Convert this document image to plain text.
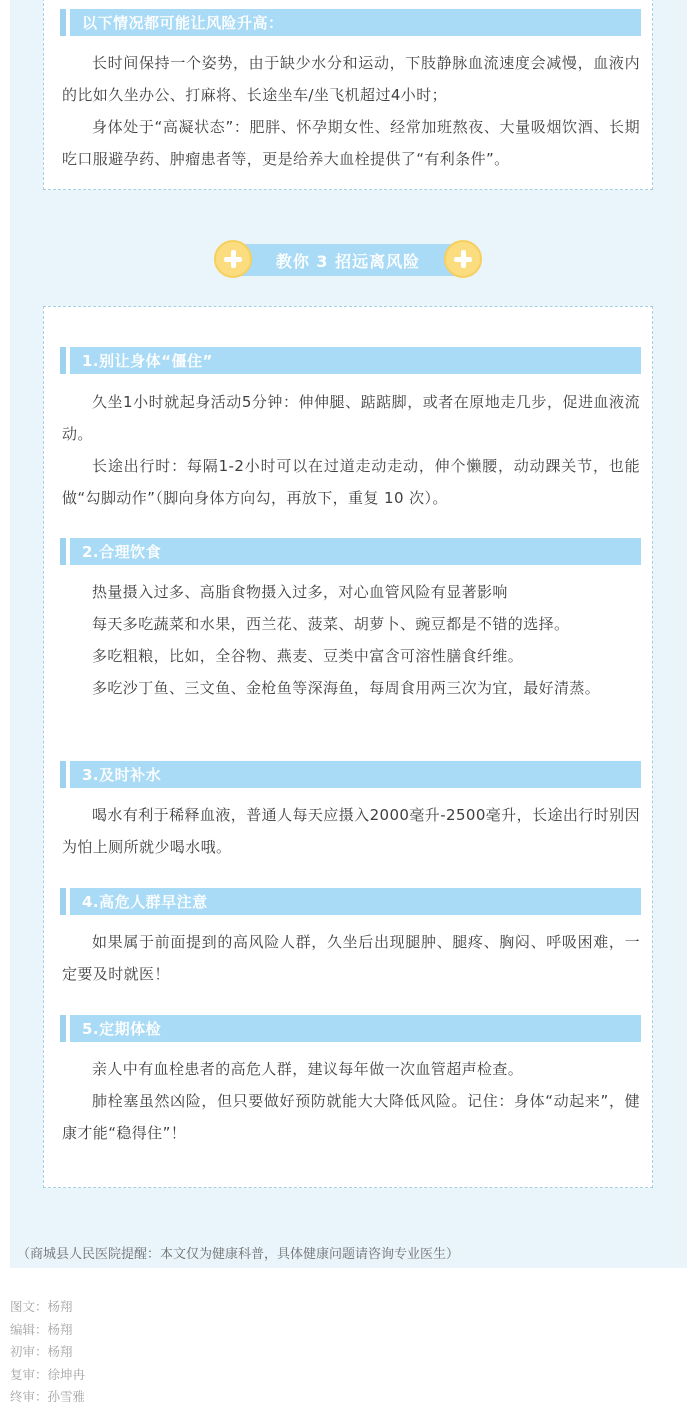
以下情况都可能让风险升高：

长时间保持一个姿势，由于缺少水分和运动，下肢静脉血流速度会减慢，血液内的比如久坐办公、打麻将、长途坐车/坐飞机超过4小时；

身体处于“高凝状态”：肥胖、怀孕期女性、经常加班熬夜、大量吸烟饮酒、长期吃口服避孕药、肿瘤患者等，更是给养大血栓提供了“有利条件”。

教你 3 招远离风险
1.别让身体“僵住”

久坐1小时就起身活动5分钟：伸伸腿、踮踮脚，或者在原地走几步，促进血液流动。

长途出行时：每隔1-2小时可以在过道走动走动，伸个懒腰，动动踝关节，也能做“勾脚动作”（脚向身体方向勾，再放下，重复 10 次）。

2.合理饮食

热量摄入过多、高脂食物摄入过多，对心血管风险有显著影响

每天多吃蔬菜和水果，西兰花、菠菜、胡萝卜、豌豆都是不错的选择。

多吃粗粮，比如，全谷物、燕麦、豆类中富含可溶性膳食纤维。

多吃沙丁鱼、三文鱼、金枪鱼等深海鱼，每周食用两三次为宜，最好清蒸。

3.及时补水

喝水有利于稀释血液，普通人每天应摄入2000毫升-2500毫升，长途出行时别因为怕上厕所就少喝水哦。

4.高危人群早注意

如果属于前面提到的高风险人群，久坐后出现腿肿、腿疼、胸闷、呼吸困难，一定要及时就医！

5.定期体检

亲人中有血栓患者的高危人群，建议每年做一次血管超声检查。

肺栓塞虽然凶险，但只要做好预防就能大大降低风险。记住：身体“动起来”，健康才能“稳得住”！

（商城县人民医院提醒：本文仅为健康科普，具体健康问题请咨询专业医生）
图文：杨翔
编辑：杨翔
初审：杨翔
复审：徐坤冉
终审：孙雪雅
